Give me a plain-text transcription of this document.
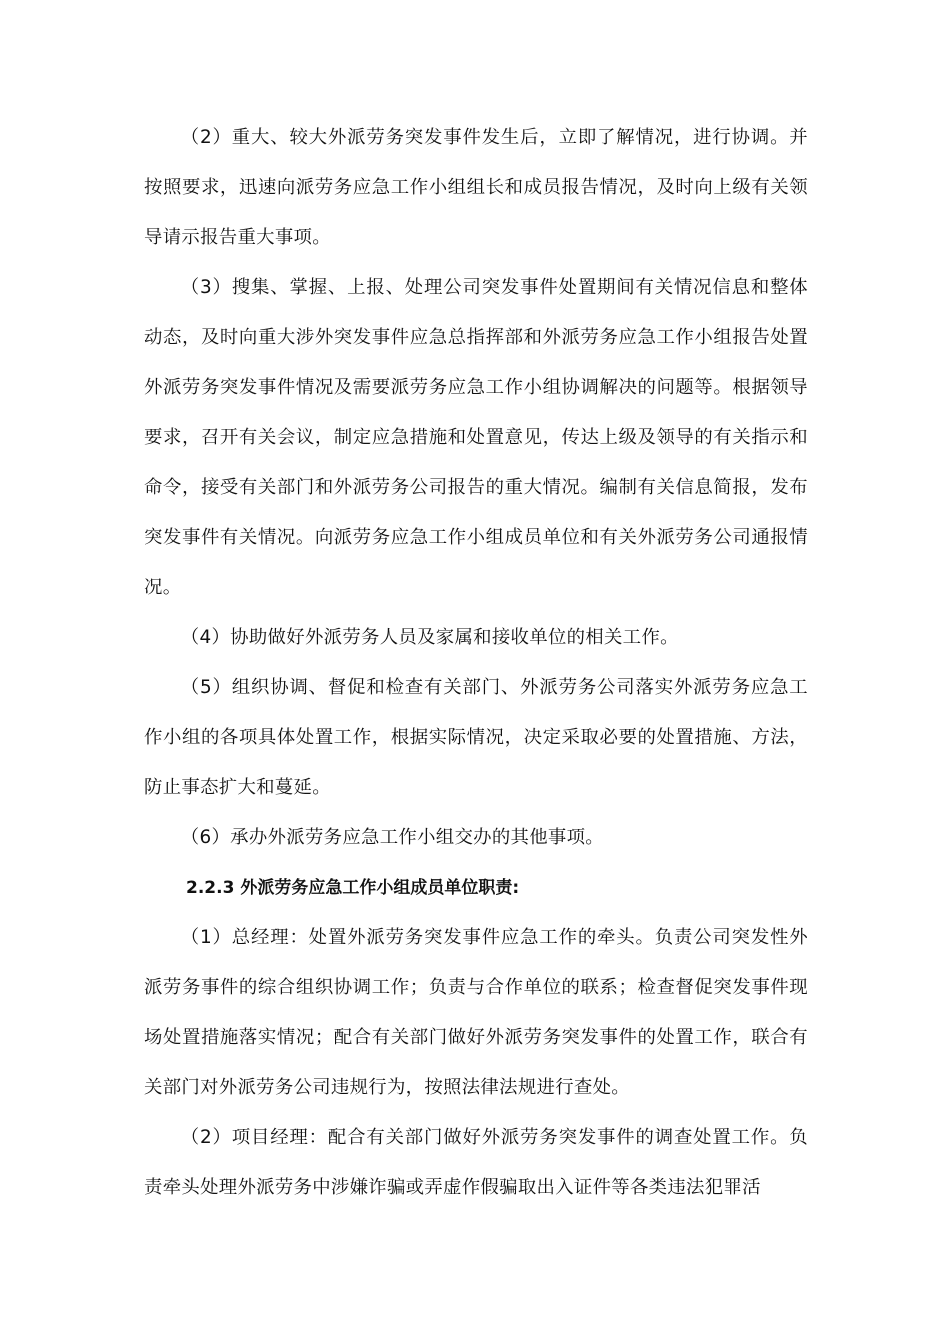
（2）重大、较大外派劳务突发事件发生后，立即了解情况，进行协调。并按照要求，迅速向派劳务应急工作小组组长和成员报告情况，及时向上级有关领导请示报告重大事项。

（3）搜集、掌握、上报、处理公司突发事件处置期间有关情况信息和整体动态，及时向重大涉外突发事件应急总指挥部和外派劳务应急工作小组报告处置外派劳务突发事件情况及需要派劳务应急工作小组协调解决的问题等。根据领导要求，召开有关会议，制定应急措施和处置意见，传达上级及领导的有关指示和命令，接受有关部门和外派劳务公司报告的重大情况。编制有关信息简报，发布突发事件有关情况。向派劳务应急工作小组成员单位和有关外派劳务公司通报情况。

（4）协助做好外派劳务人员及家属和接收单位的相关工作。

（5）组织协调、督促和检查有关部门、外派劳务公司落实外派劳务应急工作小组的各项具体处置工作，根据实际情况，决定采取必要的处置措施、方法，防止事态扩大和蔓延。

（6）承办外派劳务应急工作小组交办的其他事项。

2.2.3 外派劳务应急工作小组成员单位职责:

（1）总经理：处置外派劳务突发事件应急工作的牵头。负责公司突发性外派劳务事件的综合组织协调工作；负责与合作单位的联系；检查督促突发事件现场处置措施落实情况；配合有关部门做好外派劳务突发事件的处置工作，联合有关部门对外派劳务公司违规行为，按照法律法规进行查处。

（2）项目经理：配合有关部门做好外派劳务突发事件的调查处置工作。负责牵头处理外派劳务中涉嫌诈骗或弄虚作假骗取出入证件等各类违法犯罪活
